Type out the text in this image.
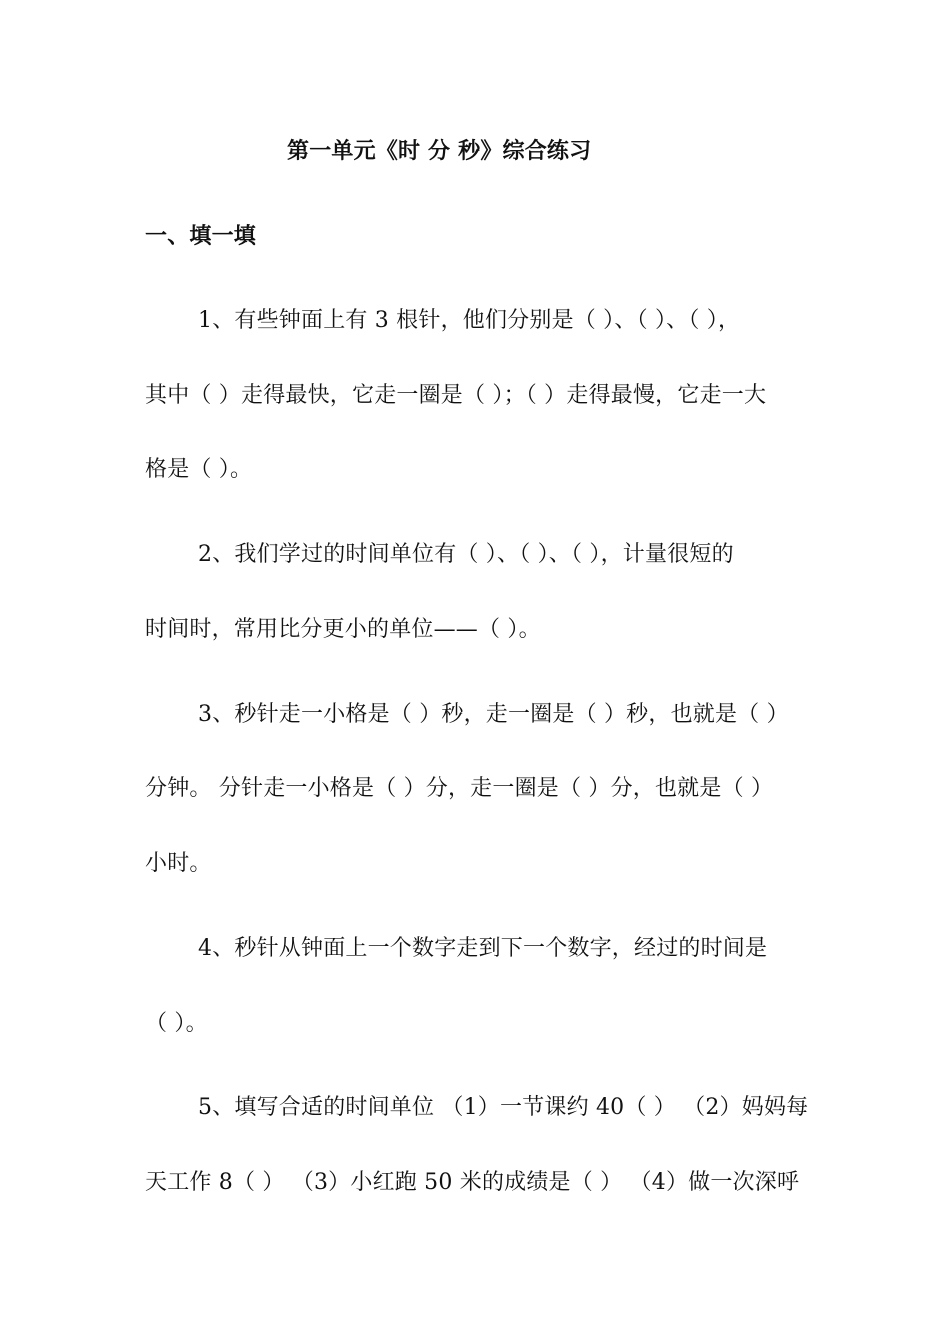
第一单元《时 分 秒》综合练习
一、填一填
1、有些钟面上有 3 根针，他们分别是（ ）、（ ）、（ ），
其中（ ）走得最快，它走一圈是（ ）；（ ）走得最慢，它走一大
格是（ ）。
2、我们学过的时间单位有（ ）、（ ）、（ ），计量很短的
时间时，常用比分更小的单位——（ ）。
3、秒针走一小格是（ ）秒，走一圈是（ ）秒，也就是（ ）
分钟。 分针走一小格是（ ）分，走一圈是（ ）分，也就是（ ）
小时。
4、秒针从钟面上一个数字走到下一个数字，经过的时间是
（ ）。
5、填写合适的时间单位 （1）一节课约 40（ ） （2）妈妈每
天工作 8（ ） （3）小红跑 50 米的成绩是（ ） （4）做一次深呼
